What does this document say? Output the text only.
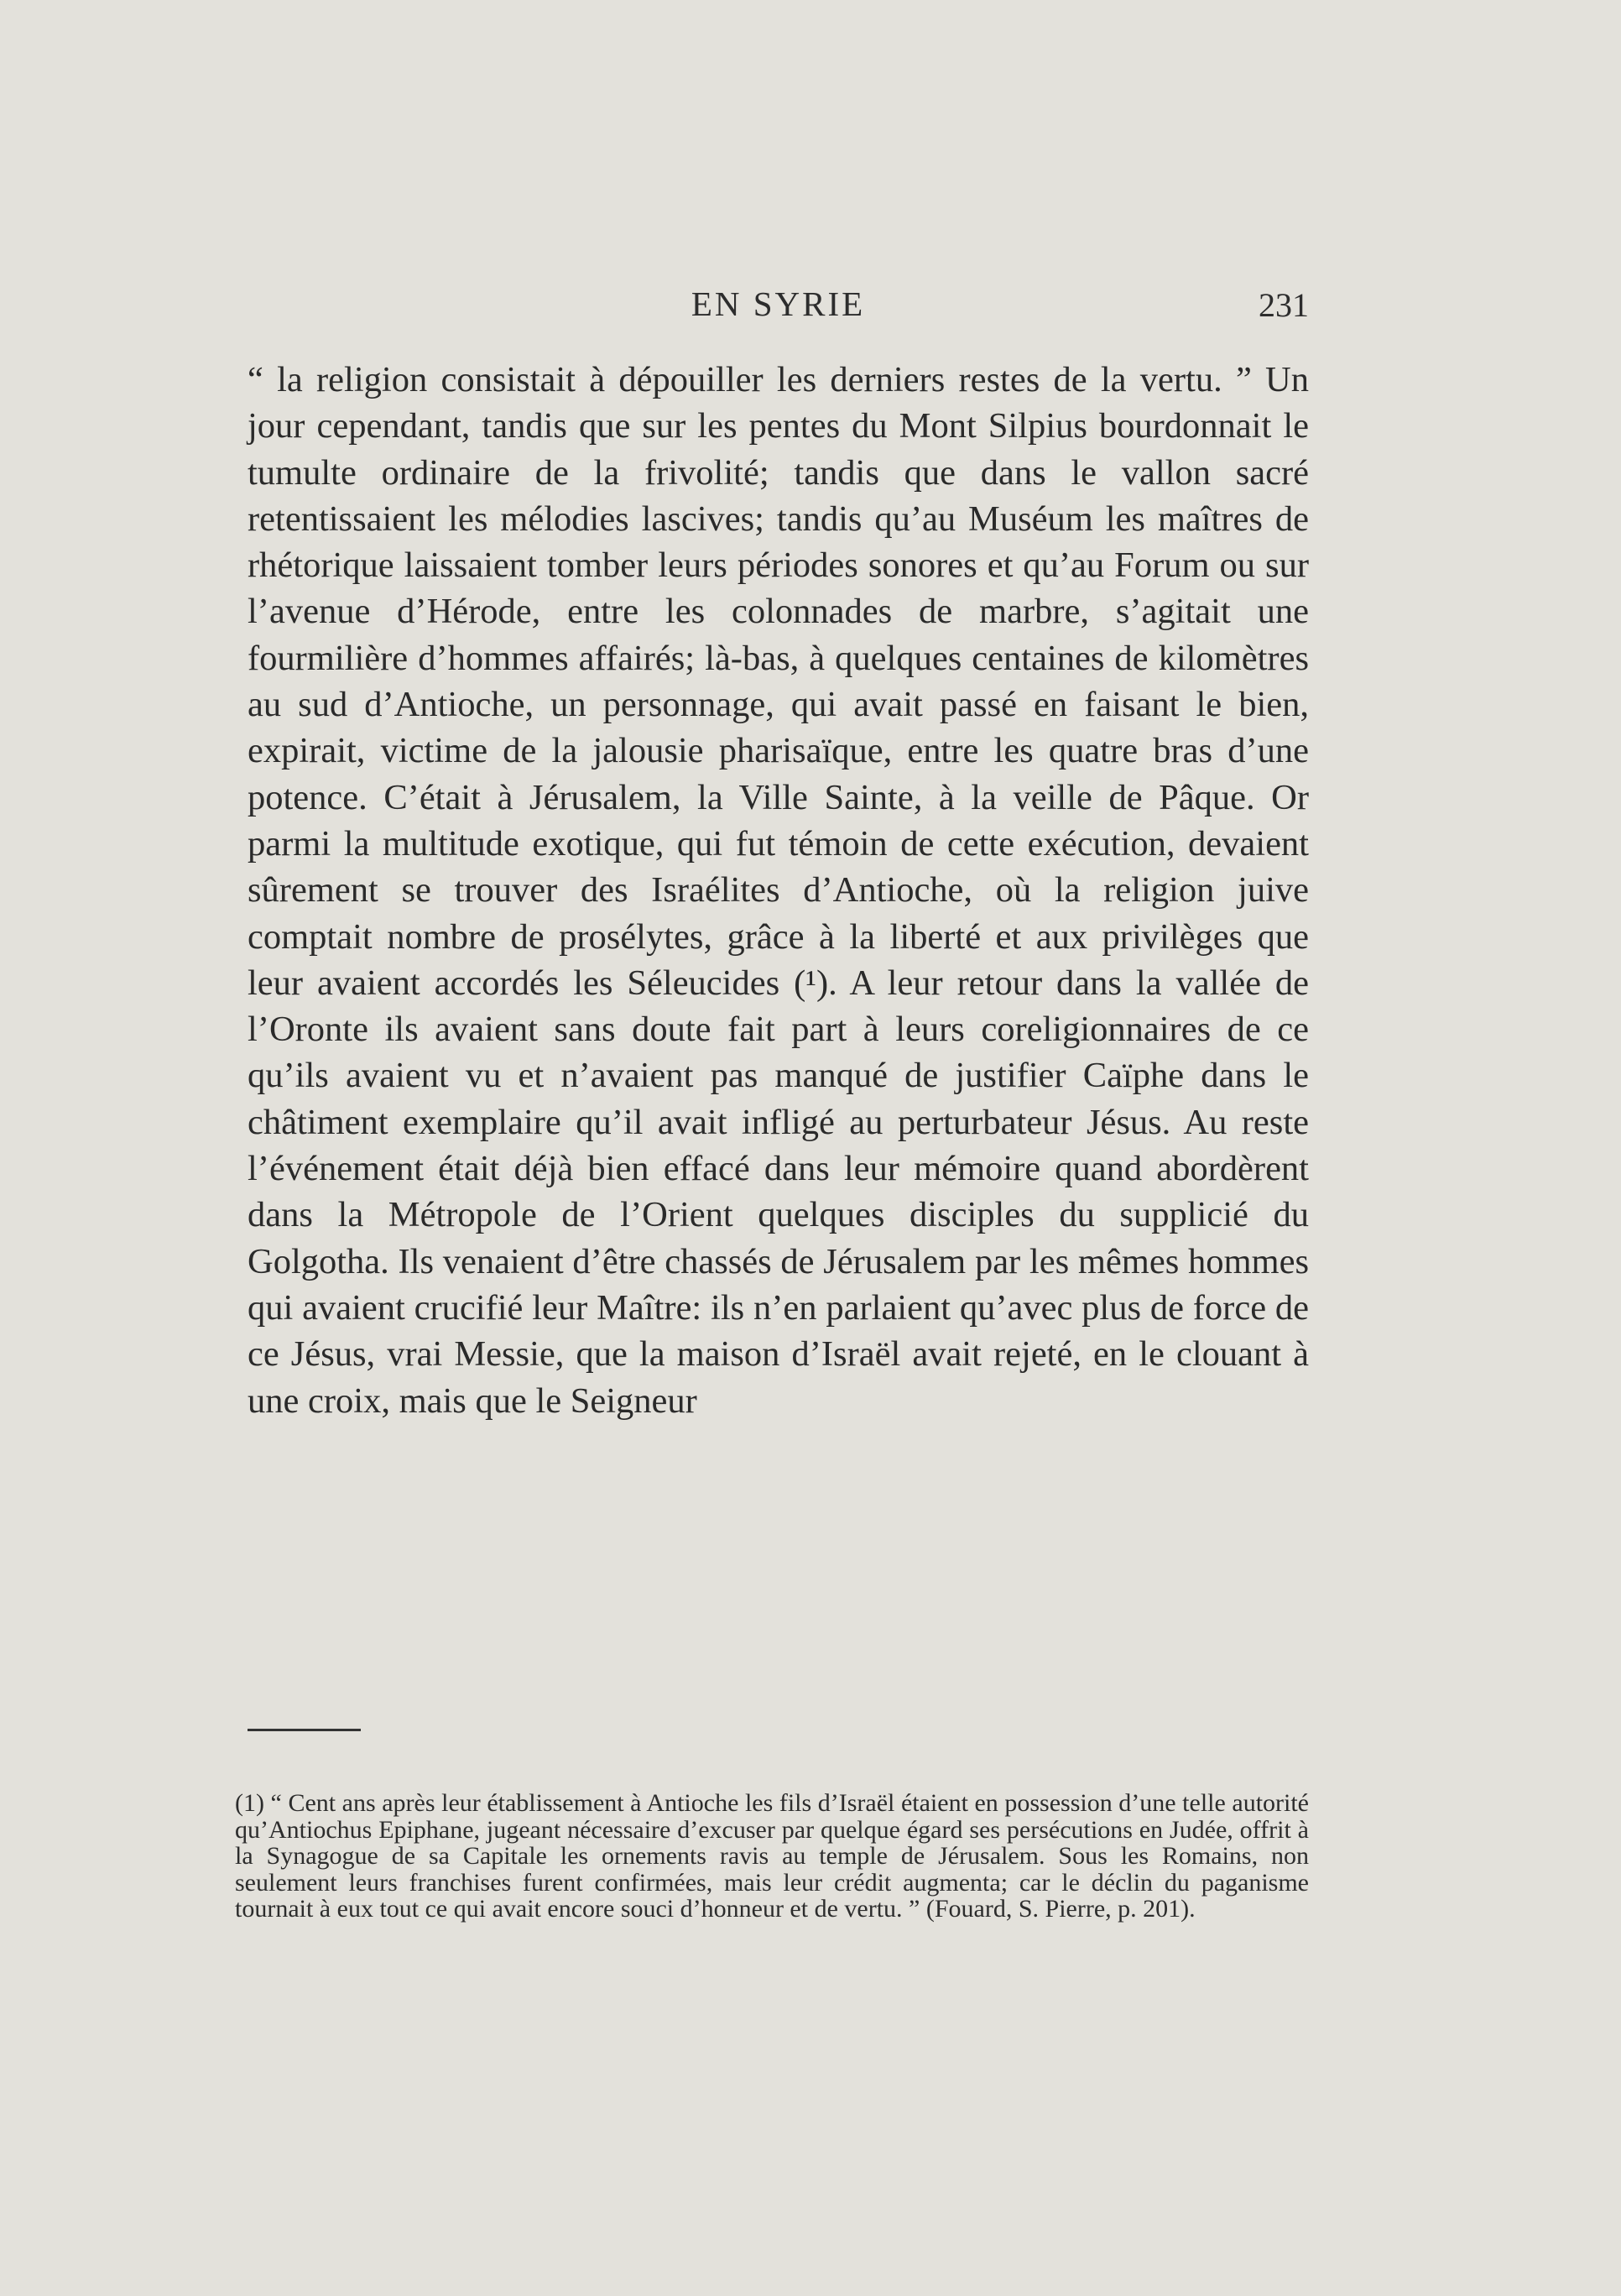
EN SYRIE	231

“ la religion consistait à dépouiller les derniers restes de la vertu. ” Un jour cependant, tandis que sur les pentes du Mont Silpius bourdonnait le tumulte ordinaire de la frivolité; tandis que dans le vallon sacré retentissaient les mélodies lascives; tandis qu’au Muséum les maîtres de rhétorique laissaient tomber leurs périodes sonores et qu’au Forum ou sur l’avenue d’Hérode, entre les colonnades de marbre, s’agitait une fourmilière d’hommes affairés; là-bas, à quelques centaines de kilomètres au sud d’Antioche, un personnage, qui avait passé en faisant le bien, expirait, victime de la jalousie pharisaïque, entre les quatre bras d’une potence. C’était à Jérusalem, la Ville Sainte, à la veille de Pâque. Or parmi la multitude exotique, qui fut témoin de cette exécution, devaient sûrement se trouver des Israélites d’Antioche, où la religion juive comptait nombre de prosélytes, grâce à la liberté et aux privilèges que leur avaient accordés les Séleucides (¹). A leur retour dans la vallée de l’Oronte ils avaient sans doute fait part à leurs coreligionnaires de ce qu’ils avaient vu et n’avaient pas manqué de justifier Caïphe dans le châtiment exemplaire qu’il avait infligé au perturbateur Jésus. Au reste l’événement était déjà bien effacé dans leur mémoire quand abordèrent dans la Métropole de l’Orient quelques disciples du supplicié du Golgotha. Ils venaient d’être chassés de Jérusalem par les mêmes hommes qui avaient crucifié leur Maître: ils n’en parlaient qu’avec plus de force de ce Jésus, vrai Messie, que la maison d’Israël avait rejeté, en le clouant à une croix, mais que le Seigneur

(1) “ Cent ans après leur établissement à Antioche les fils d’Israël étaient en possession d’une telle autorité qu’Antiochus Epiphane, jugeant nécessaire d’excuser par quelque égard ses persécutions en Judée, offrit à la Synagogue de sa Capitale les ornements ravis au temple de Jérusalem. Sous les Romains, non seulement leurs franchises furent confirmées, mais leur crédit augmenta; car le déclin du paganisme tournait à eux tout ce qui avait encore souci d’honneur et de vertu. ” (Fouard, S. Pierre, p. 201).
